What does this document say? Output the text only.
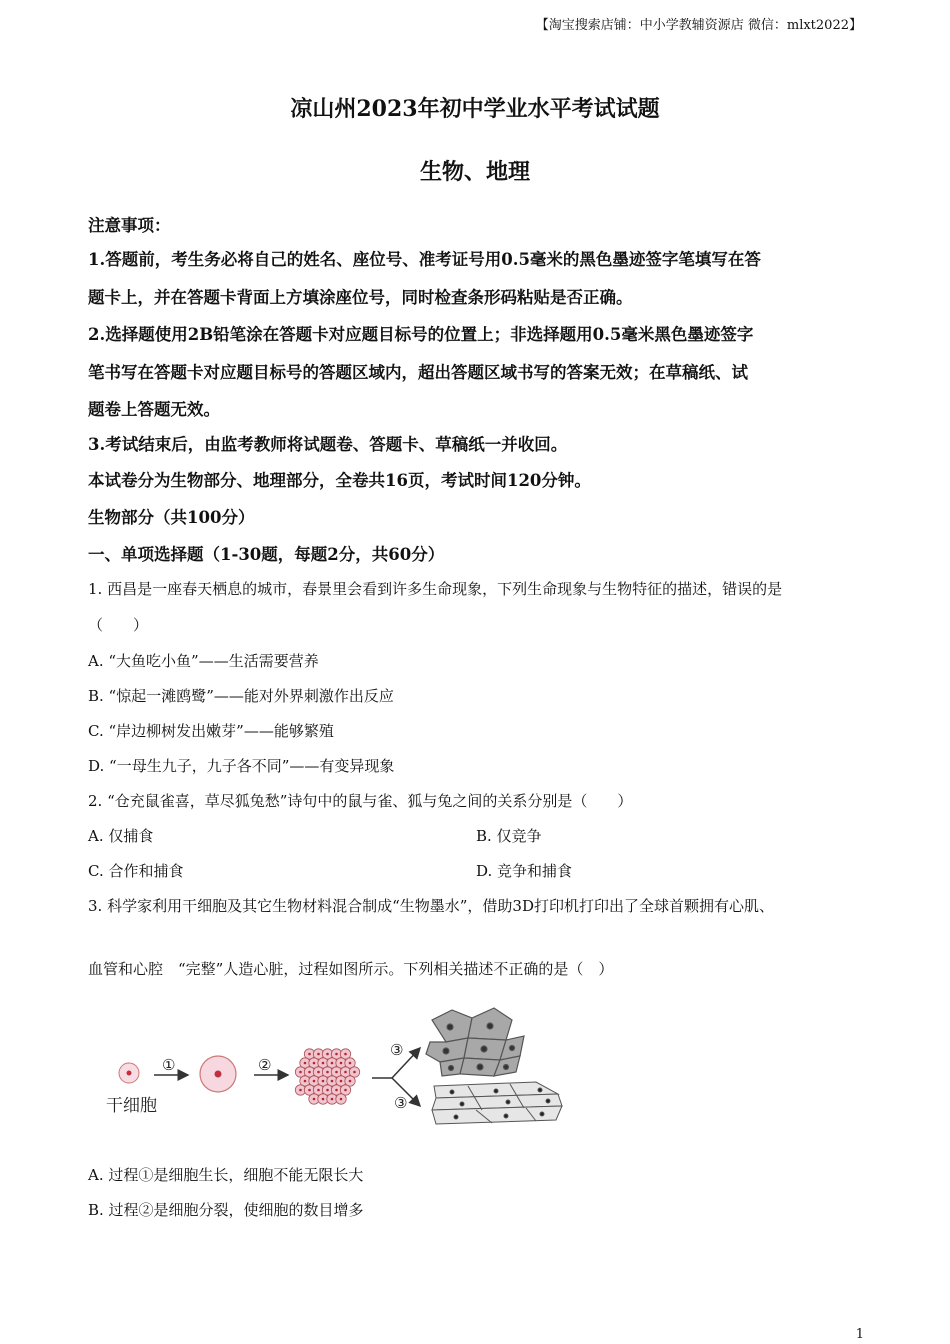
【淘宝搜索店铺：中小学教辅资源店 微信：mlxt2022】
凉山州2023年初中学业水平考试试题
生物、地理
注意事项：
1.答题前，考生务必将自己的姓名、座位号、准考证号用0.5毫米的黑色墨迹签字笔填写在答
题卡上，并在答题卡背面上方填涂座位号，同时检查条形码粘贴是否正确。
2.选择题使用2B铅笔涂在答题卡对应题目标号的位置上；非选择题用0.5毫米黑色墨迹签字
笔书写在答题卡对应题目标号的答题区域内，超出答题区域书写的答案无效；在草稿纸、试
题卷上答题无效。
3.考试结束后，由监考教师将试题卷、答题卡、草稿纸一并收回。
本试卷分为生物部分、地理部分，全卷共16页，考试时间120分钟。
生物部分（共100分）
一、单项选择题（1-30题，每题2分，共60分）
1. 西昌是一座春天栖息的城市，春景里会看到许多生命现象，下列生命现象与生物特征的描述，错误的是
（　　）
A. “大鱼吃小鱼”——生活需要营养
B. “惊起一滩鸥鹭”——能对外界刺激作出反应
C. “岸边柳树发出嫩芽”——能够繁殖
D. “一母生九子，九子各不同”——有变异现象
2. “仓充鼠雀喜，草尽狐兔愁”诗句中的鼠与雀、狐与兔之间的关系分别是（　　）
A. 仅捕食	B. 仅竞争
C. 合作和捕食	D. 竞争和捕食
3. 科学家利用干细胞及其它生物材料混合制成“生物墨水”，借助3D打印机打印出了全球首颗拥有心肌、
血管和心腔　“完整”人造心脏，过程如图所示。下列相关描述不正确的是（　）
干细胞
①	②
③
③
A. 过程①是细胞生长，细胞不能无限长大
B. 过程②是细胞分裂，使细胞的数目增多
1
